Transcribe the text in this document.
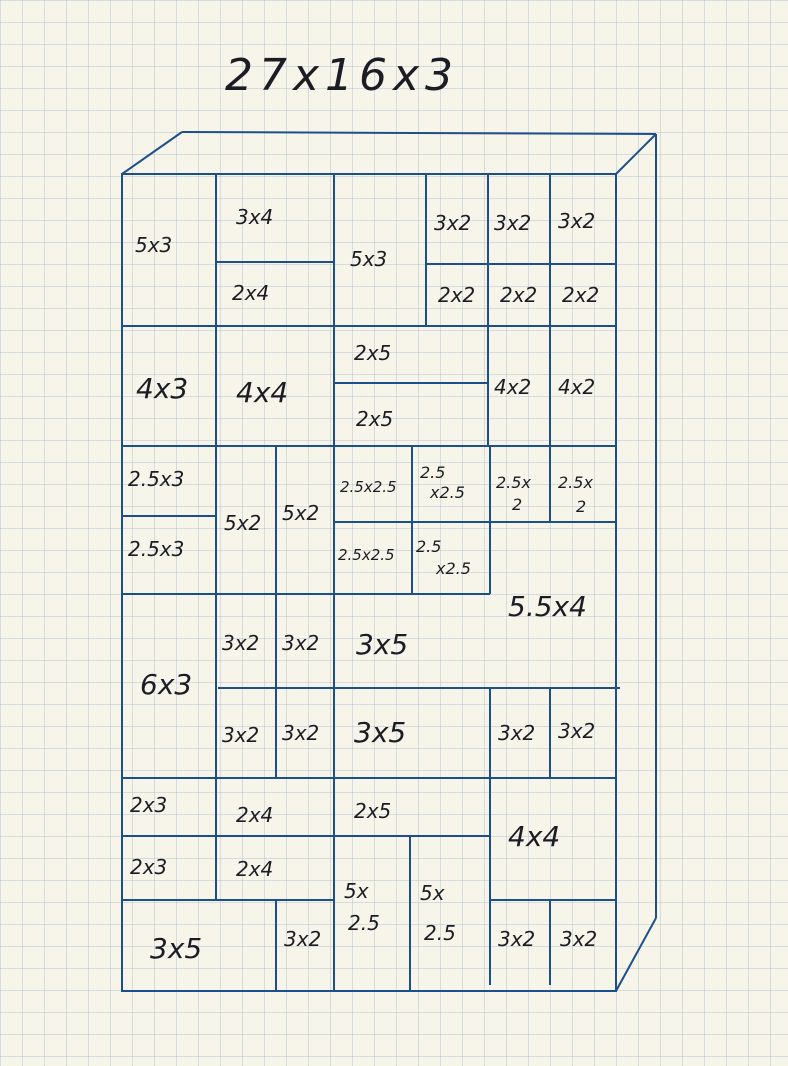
27x16x3
5x3
3x4
2x4
5x3
3x2 3x2 3x2
2x2 2x2 2x2
4x3 4x4
2x5
2x5
4x2 4x2
2.5x3
2.5x3
5x2 5x2
2.5x2.5
2.5
x2.5
2.5x
2
2.5x
2
2.5x2.5 2.5
x2.5
5.5x4
6x3
3x2 3x2 3x5
3x2 3x2 3x5	3x2 3x2
2x3	2x4	2x5
2x3	2x4
4x4
3x5	3x2
5x
2.5
5x
2.5 3x2 3x2
